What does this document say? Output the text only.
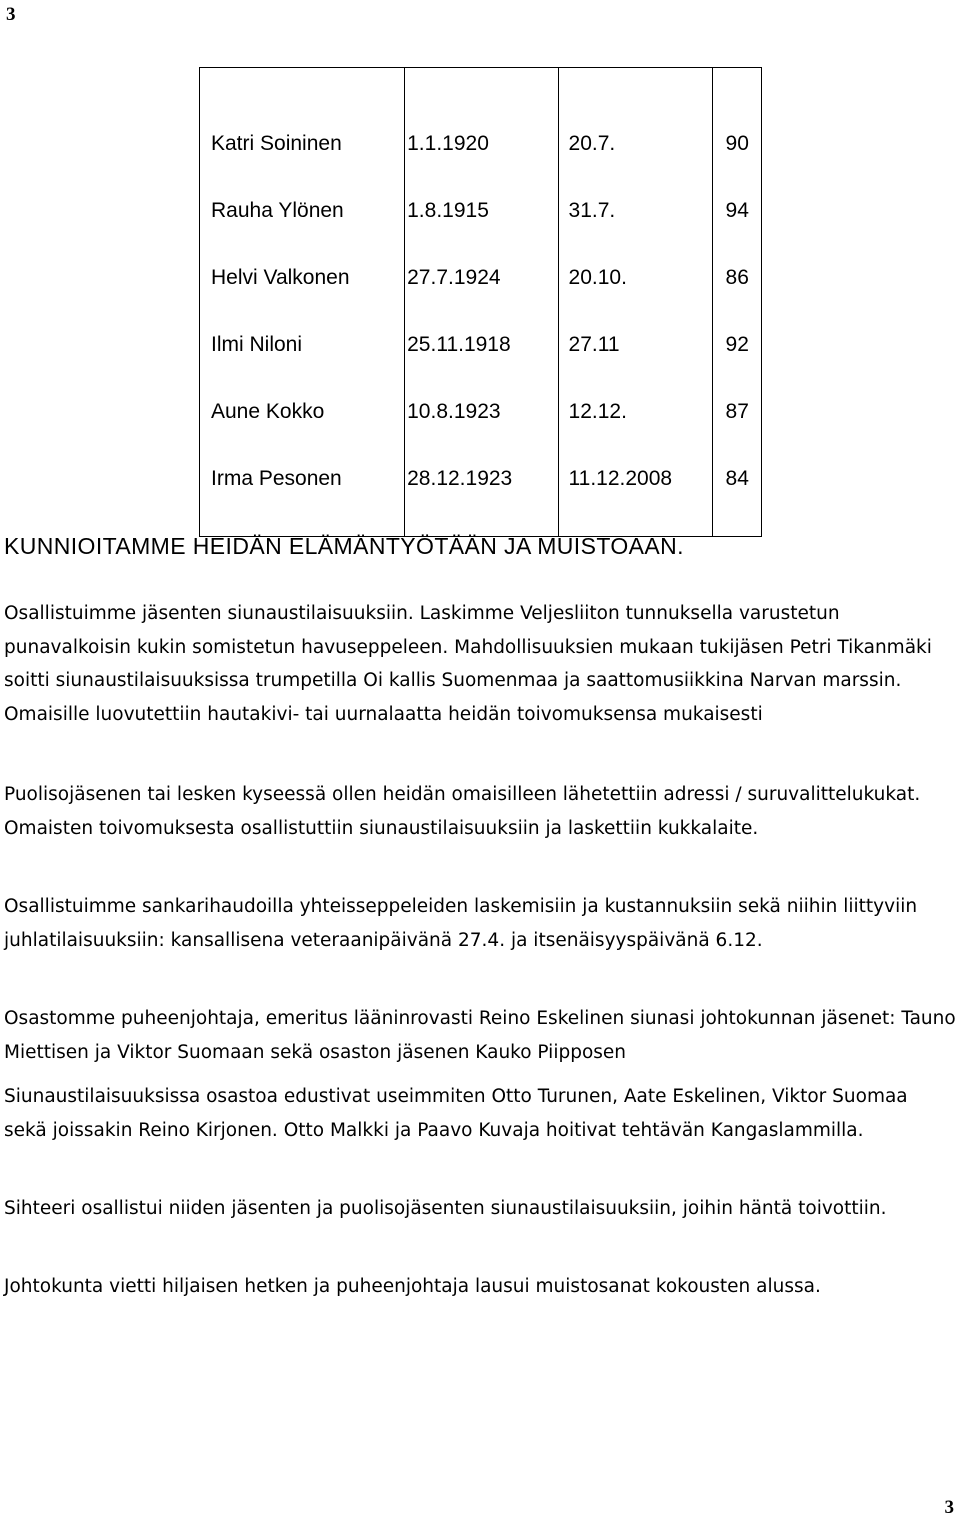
3
Katri Soininen	1.1.1920	20.7.	90
Rauha Ylönen	1.8.1915	31.7.	94
Helvi Valkonen	27.7.1924	20.10.	86
Ilmi Niloni	25.11.1918	27.11	92
Aune Kokko	10.8.1923	12.12.	87
Irma Pesonen	28.12.1923	11.12.2008	84
KUNNIOITAMME HEIDÄN ELÄMÄNTYÖTÄÄN JA MUISTOAAN.

Osallistuimme jäsenten siunaustilaisuuksiin. Laskimme Veljesliiton tunnuksella varustetun punavalkoisin kukin somistetun havuseppeleen. Mahdollisuuksien mukaan tukijäsen Petri Tikanmäki soitti siunaustilaisuuksissa trumpetilla Oi kallis Suomenmaa ja saattomusiikkina Narvan marssin. Omaisille luovutettiin hautakivi- tai uurnalaatta heidän toivomuksensa mukaisesti

Puolisojäsenen tai lesken kyseessä ollen heidän omaisilleen lähetettiin adressi / suruvalittelukukat. Omaisten toivomuksesta osallistuttiin siunaustilaisuuksiin ja laskettiin kukkalaite.

Osallistuimme sankarihaudoilla yhteisseppeleiden laskemisiin ja kustannuksiin sekä niihin liittyviin juhlatilaisuuksiin: kansallisena veteraanipäivänä 27.4. ja itsenäisyyspäivänä 6.12.

Osastomme puheenjohtaja, emeritus lääninrovasti Reino Eskelinen siunasi johtokunnan jäsenet: Tauno Miettisen ja Viktor Suomaan sekä osaston jäsenen Kauko Piipposen

Siunaustilaisuuksissa osastoa edustivat useimmiten Otto Turunen, Aate Eskelinen, Viktor Suomaa sekä joissakin Reino Kirjonen. Otto Malkki ja Paavo Kuvaja hoitivat tehtävän Kangaslammilla.

Sihteeri osallistui niiden jäsenten ja puolisojäsenten siunaustilaisuuksiin, joihin häntä toivottiin.

Johtokunta vietti hiljaisen hetken ja puheenjohtaja lausui muistosanat kokousten alussa.

3
